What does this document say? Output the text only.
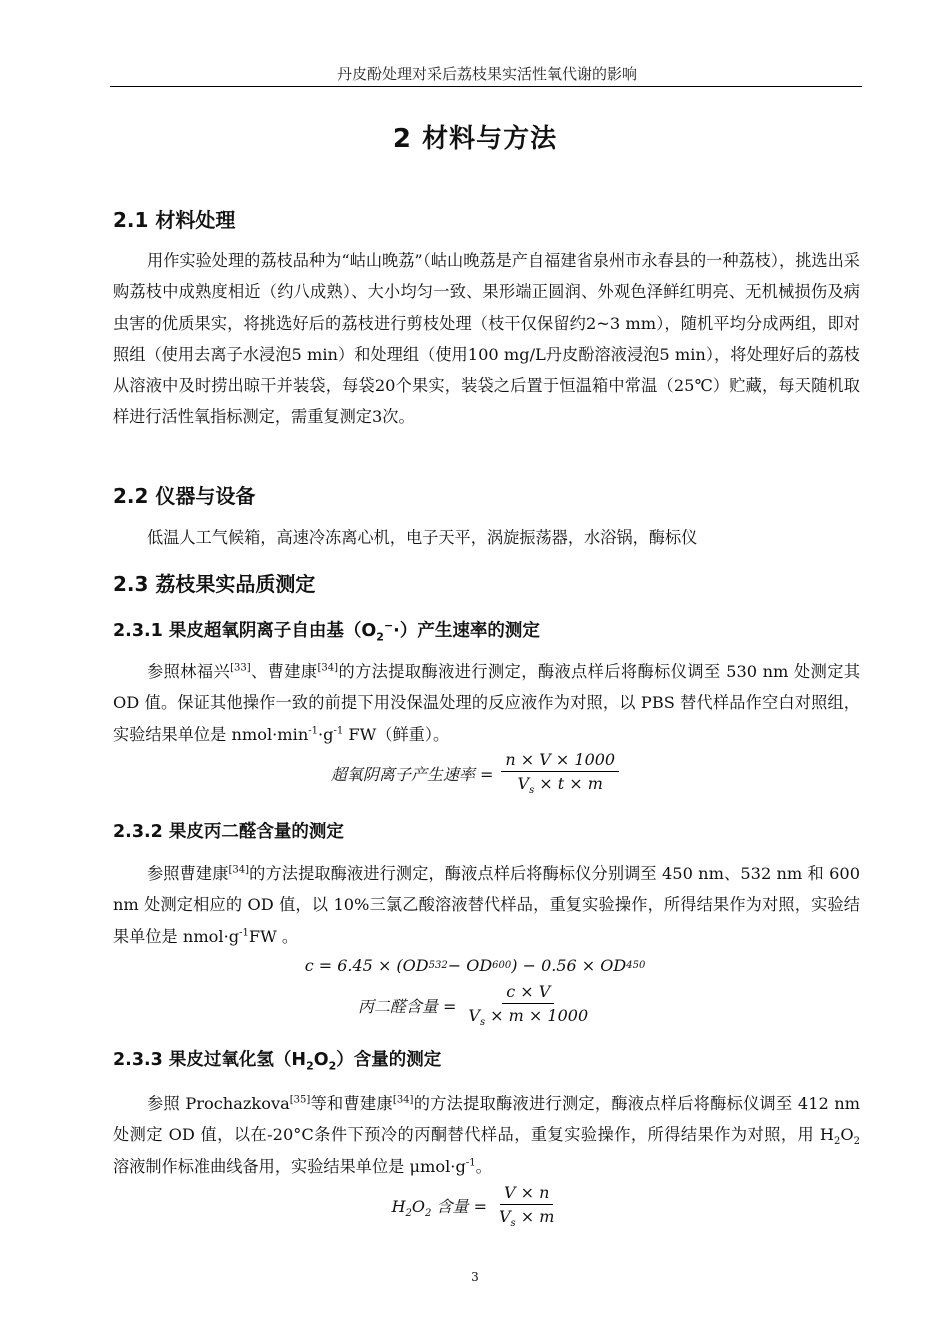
丹皮酚处理对采后荔枝果实活性氧代谢的影响
2 材料与方法
2.1 材料处理

用作实验处理的荔枝品种为“岵山晚荔”（岵山晚荔是产自福建省泉州市永春县的一种荔枝），挑选出采购荔枝中成熟度相近（约八成熟）、大小均匀一致、果形端正圆润、外观色泽鲜红明亮、无机械损伤及病虫害的优质果实，将挑选好后的荔枝进行剪枝处理（枝干仅保留约2~3 mm），随机平均分成两组，即对照组（使用去离子水浸泡5 min）和处理组（使用100 mg/L丹皮酚溶液浸泡5 min），将处理好后的荔枝从溶液中及时捞出晾干并装袋，每袋20个果实，装袋之后置于恒温箱中常温（25℃）贮藏，每天随机取样进行活性氧指标测定，需重复测定3次。

2.2 仪器与设备

低温人工气候箱，高速冷冻离心机，电子天平，涡旋振荡器，水浴锅，酶标仪

2.3 荔枝果实品质测定
2.3.1 果皮超氧阴离子自由基$(O_2^-\cdot)$产生速率的测定

参照林福兴[33]、曹建康[34]的方法提取酶液进行测定，酶液点样后将酶标仪调至 530 nm 处测定其 OD 值。保证其他操作一致的前提下用没保温处理的反应液作为对照，以 PBS 替代样品作空白对照组，实验结果单位是 $nmol\cdot\min^{-1}\cdot g^{-1}$ FW（鲜重）。

超氧阴离子产生速率 = $\frac{n \times V \times 1000}{V_s \times t \times m}$
2.3.2 果皮丙二醛含量的测定

参照曹建康[34]的方法提取酶液进行测定，酶液点样后将酶标仪分别调至 450 nm、532 nm 和 600 nm 处测定相应的 OD 值，以 10%三氯乙酸溶液替代样品，重复实验操作，所得结果作为对照，实验结果单位是 $nmol\cdot g^{-1}FW$ 。

c = 6.45 × (OD 532 − OD 600 ) − 0.56 × OD 450
丙二醛含量 = $\frac{c \times V}{V_s \times m \times 1000}$
2.3.3 果皮过氧化氢$(H_2O_2)$含量的测定

参照 Prochazkova[35]等和曹建康[34]的方法提取酶液进行测定，酶液点样后将酶标仪调至 412 nm 处测定 OD 值，以在-20°C条件下预冷的丙酮替代样品，重复实验操作，所得结果作为对照，用 $H_2O_2$ 溶液制作标准曲线备用，实验结果单位是 $\mu mol\cdot g^{-1}$。

$H_2O_2$ 含量 = $\frac{V \times n}{V_s \times m}$
3
